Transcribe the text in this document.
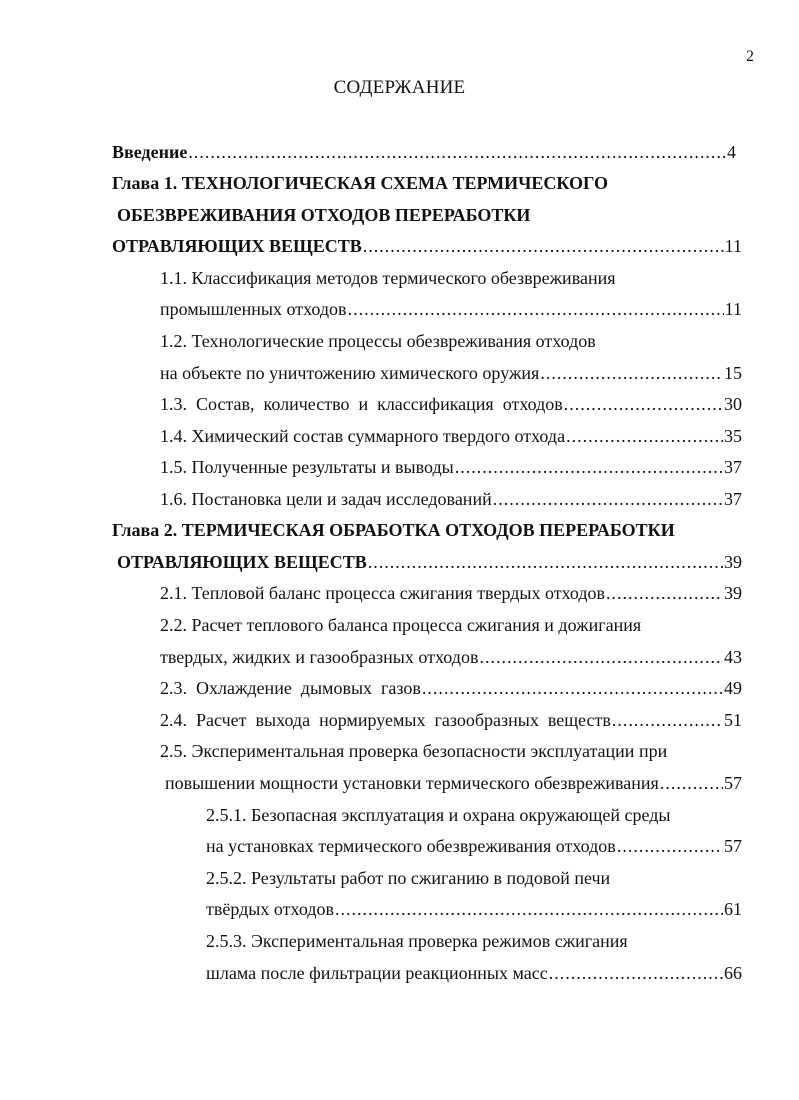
2
СОДЕРЖАНИЕ
Введение .....	4
Глава 1. ТЕХНОЛОГИЧЕСКАЯ СХЕМА ТЕРМИЧЕСКОГО
ОБЕЗВРЕЖИВАНИЯ ОТХОДОВ ПЕРЕРАБОТКИ
ОТРАВЛЯЮЩИХ ВЕЩЕСТВ .....	11
1.1. Классификация методов термического обезвреживания
промышленных отходов .....	11
1.2. Технологические процессы обезвреживания отходов
на объекте по уничтожению химического оружия .....	15
1.3.  Состав,  количество  и  классификация  отходов .....	30
1.4. Химический состав суммарного твердого отхода .....	35
1.5. Полученные результаты и выводы .....	37
1.6. Постановка цели и задач исследований .....	37
Глава 2. ТЕРМИЧЕСКАЯ ОБРАБОТКА ОТХОДОВ ПЕРЕРАБОТКИ
ОТРАВЛЯЮЩИХ ВЕЩЕСТВ .....	39
2.1. Тепловой баланс процесса сжигания твердых отходов .....	39
2.2. Расчет теплового баланса процесса сжигания и дожигания
твердых, жидких и газообразных отходов .....	43
2.3.  Охлаждение  дымовых  газов .....	49
2.4.  Расчет  выхода  нормируемых  газообразных  веществ .....	51
2.5. Экспериментальная проверка безопасности эксплуатации при
повышении мощности установки термического обезвреживания .....	57
2.5.1. Безопасная эксплуатация и охрана окружающей среды
на установках термического обезвреживания отходов .....	57
2.5.2. Результаты работ по сжиганию в подовой печи
твёрдых отходов .....	61
2.5.3. Экспериментальная проверка режимов сжигания
шлама после фильтрации реакционных масс .....	66
